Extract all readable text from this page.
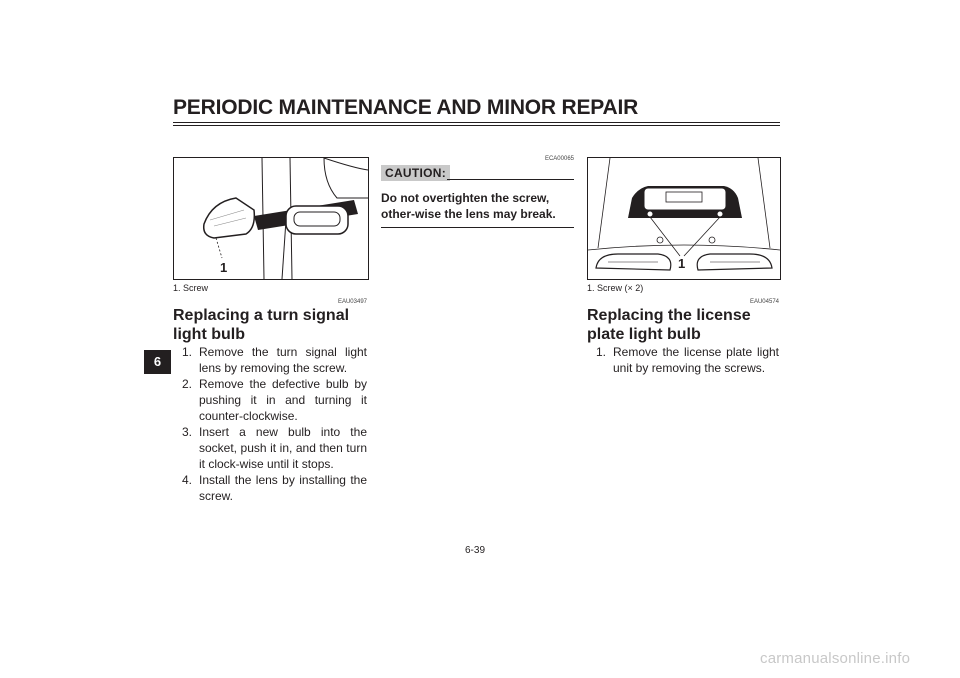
PERIODIC MAINTENANCE AND MINOR REPAIR
6
1
1. Screw
EAU03497
Replacing a turn signal light bulb
1. Remove the turn signal light lens by removing the screw.
2. Remove the defective bulb by pushing it in and turning it counter-clockwise.
3. Insert a new bulb into the socket, push it in, and then turn it clock-wise until it stops.
4. Install the lens by installing the screw.
ECA00065
CAUTION:
Do not overtighten the screw, other-wise the lens may break.
1
1. Screw (× 2)
EAU04574
Replacing the license plate light bulb
1. Remove the license plate light unit by removing the screws.
6-39
carmanualsonline.info
